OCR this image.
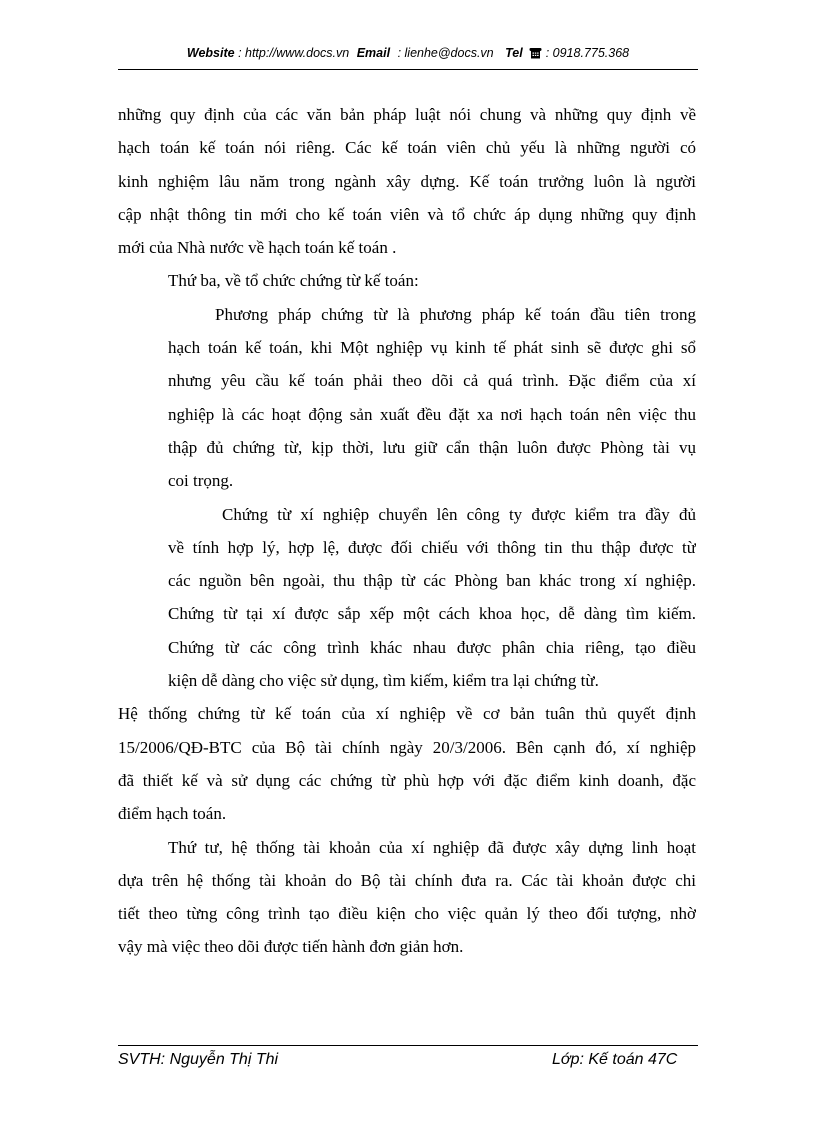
Website : http://www.docs.vn Email : lienhe@docs.vn Tel : 0918.775.368
những quy định của các văn bản pháp luật nói chung và những quy định về
hạch toán kế toán nói riêng. Các kế toán viên chủ yếu là những người có
kinh nghiệm lâu năm trong ngành xây dựng. Kế toán trưởng luôn là người
cập nhật thông tin mới cho kế toán viên và tổ chức áp dụng những quy định
mới của Nhà nước về hạch toán kế toán .
Thứ ba, về tổ chức chứng từ kế toán:
Phương pháp chứng từ là phương pháp kế toán đầu tiên trong
hạch toán kế toán, khi Một nghiệp vụ kinh tế phát sinh sẽ được ghi sổ
nhưng yêu cầu kế toán phải theo dõi cả quá trình. Đặc điểm của xí
nghiệp là các hoạt động sản xuất đều đặt xa nơi hạch toán nên việc thu
thập đủ chứng từ, kịp thời, lưu giữ cẩn thận luôn được Phòng tài vụ
coi trọng.
Chứng từ xí nghiệp chuyển lên công ty được kiểm tra đầy đủ
về tính hợp lý, hợp lệ, được đối chiếu với thông tin thu thập được từ
các nguồn bên ngoài, thu thập từ các Phòng ban khác trong xí nghiệp.
Chứng từ tại xí được sắp xếp một cách khoa học, dễ dàng tìm kiếm.
Chứng từ các công trình khác nhau được phân chia riêng, tạo điều
kiện dễ dàng cho việc sử dụng, tìm kiếm, kiểm tra lại chứng từ.
Hệ thống chứng từ kế toán của xí nghiệp về cơ bản tuân thủ quyết định
15/2006/QĐ-BTC của Bộ tài chính ngày 20/3/2006. Bên cạnh đó, xí nghiệp
đã thiết kế và sử dụng các chứng từ phù hợp với đặc điểm kinh doanh, đặc
điểm hạch toán.
Thứ tư, hệ thống tài khoản của xí nghiệp đã được xây dựng linh hoạt
dựa trên hệ thống tài khoản do Bộ tài chính đưa ra. Các tài khoản được chi
tiết theo từng công trình tạo điều kiện cho việc quản lý theo đối tượng, nhờ
vậy mà việc theo dõi được tiến hành đơn giản hơn.
SVTH: Nguyễn Thị Thi	Lớp: Kế toán 47C
